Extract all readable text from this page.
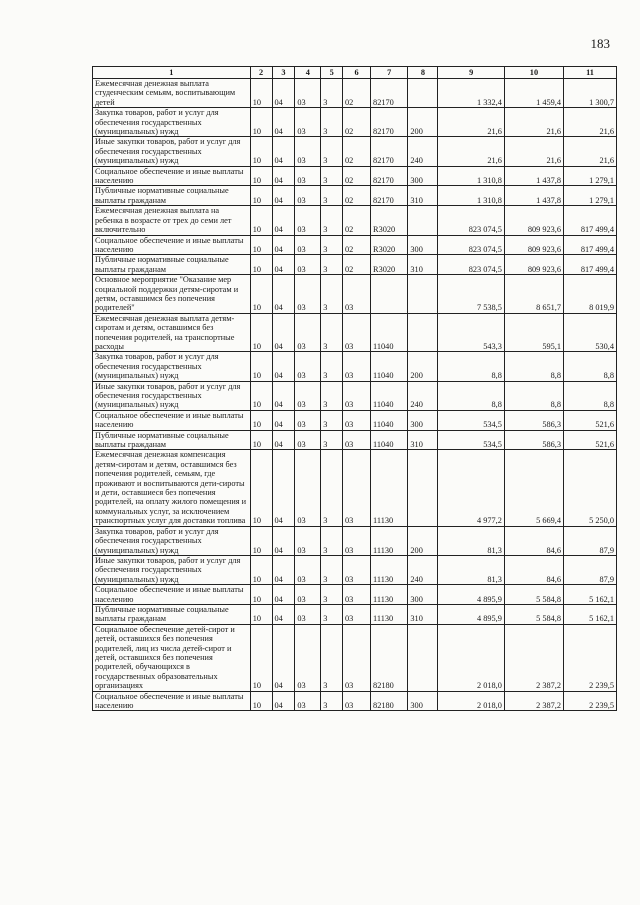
183
1	2	3	4	5	6	7	8	9	10	11
Ежемесячная денежная выплата студенческим семьям, воспитывающим детей	10	04	03	3	02	82170		1 332,4	1 459,4	1 300,7
Закупка товаров, работ и услуг для обеспечения государственных (муниципальных) нужд	10	04	03	3	02	82170	200	21,6	21,6	21,6
Иные закупки товаров, работ и услуг для обеспечения государственных (муниципальных) нужд	10	04	03	3	02	82170	240	21,6	21,6	21,6
Социальное обеспечение и иные выплаты населению	10	04	03	3	02	82170	300	1 310,8	1 437,8	1 279,1
Публичные нормативные социальные выплаты гражданам	10	04	03	3	02	82170	310	1 310,8	1 437,8	1 279,1
Ежемесячная денежная выплата на ребенка в возрасте от трех до семи лет включительно	10	04	03	3	02	R3020		823 074,5	809 923,6	817 499,4
Социальное обеспечение и иные выплаты населению	10	04	03	3	02	R3020	300	823 074,5	809 923,6	817 499,4
Публичные нормативные социальные выплаты гражданам	10	04	03	3	02	R3020	310	823 074,5	809 923,6	817 499,4
Основное мероприятие "Оказание мер социальной поддержки детям-сиротам и детям, оставшимся без попечения родителей"	10	04	03	3	03			7 538,5	8 651,7	8 019,9
Ежемесячная денежная выплата детям-сиротам и детям, оставшимся без попечения родителей, на транспортные расходы	10	04	03	3	03	11040		543,3	595,1	530,4
Закупка товаров, работ и услуг для обеспечения государственных (муниципальных) нужд	10	04	03	3	03	11040	200	8,8	8,8	8,8
Иные закупки товаров, работ и услуг для обеспечения государственных (муниципальных) нужд	10	04	03	3	03	11040	240	8,8	8,8	8,8
Социальное обеспечение и иные выплаты населению	10	04	03	3	03	11040	300	534,5	586,3	521,6
Публичные нормативные социальные выплаты гражданам	10	04	03	3	03	11040	310	534,5	586,3	521,6
Ежемесячная денежная компенсация детям-сиротам и детям, оставшимся без попечения родителей, семьям, где проживают и воспитываются дети-сироты и дети, оставшиеся без попечения родителей, на оплату жилого помещения и коммунальных услуг, за исключением транспортных услуг для доставки топлива	10	04	03	3	03	11130		4 977,2	5 669,4	5 250,0
Закупка товаров, работ и услуг для обеспечения государственных (муниципальных) нужд	10	04	03	3	03	11130	200	81,3	84,6	87,9
Иные закупки товаров, работ и услуг для обеспечения государственных (муниципальных) нужд	10	04	03	3	03	11130	240	81,3	84,6	87,9
Социальное обеспечение и иные выплаты населению	10	04	03	3	03	11130	300	4 895,9	5 584,8	5 162,1
Публичные нормативные социальные выплаты гражданам	10	04	03	3	03	11130	310	4 895,9	5 584,8	5 162,1
Социальное обеспечение детей-сирот и детей, оставшихся без попечения родителей, лиц из числа детей-сирот и детей, оставшихся без попечения родителей, обучающихся в государственных образовательных организациях	10	04	03	3	03	82180		2 018,0	2 387,2	2 239,5
Социальное обеспечение и иные выплаты населению	10	04	03	3	03	82180	300	2 018,0	2 387,2	2 239,5
